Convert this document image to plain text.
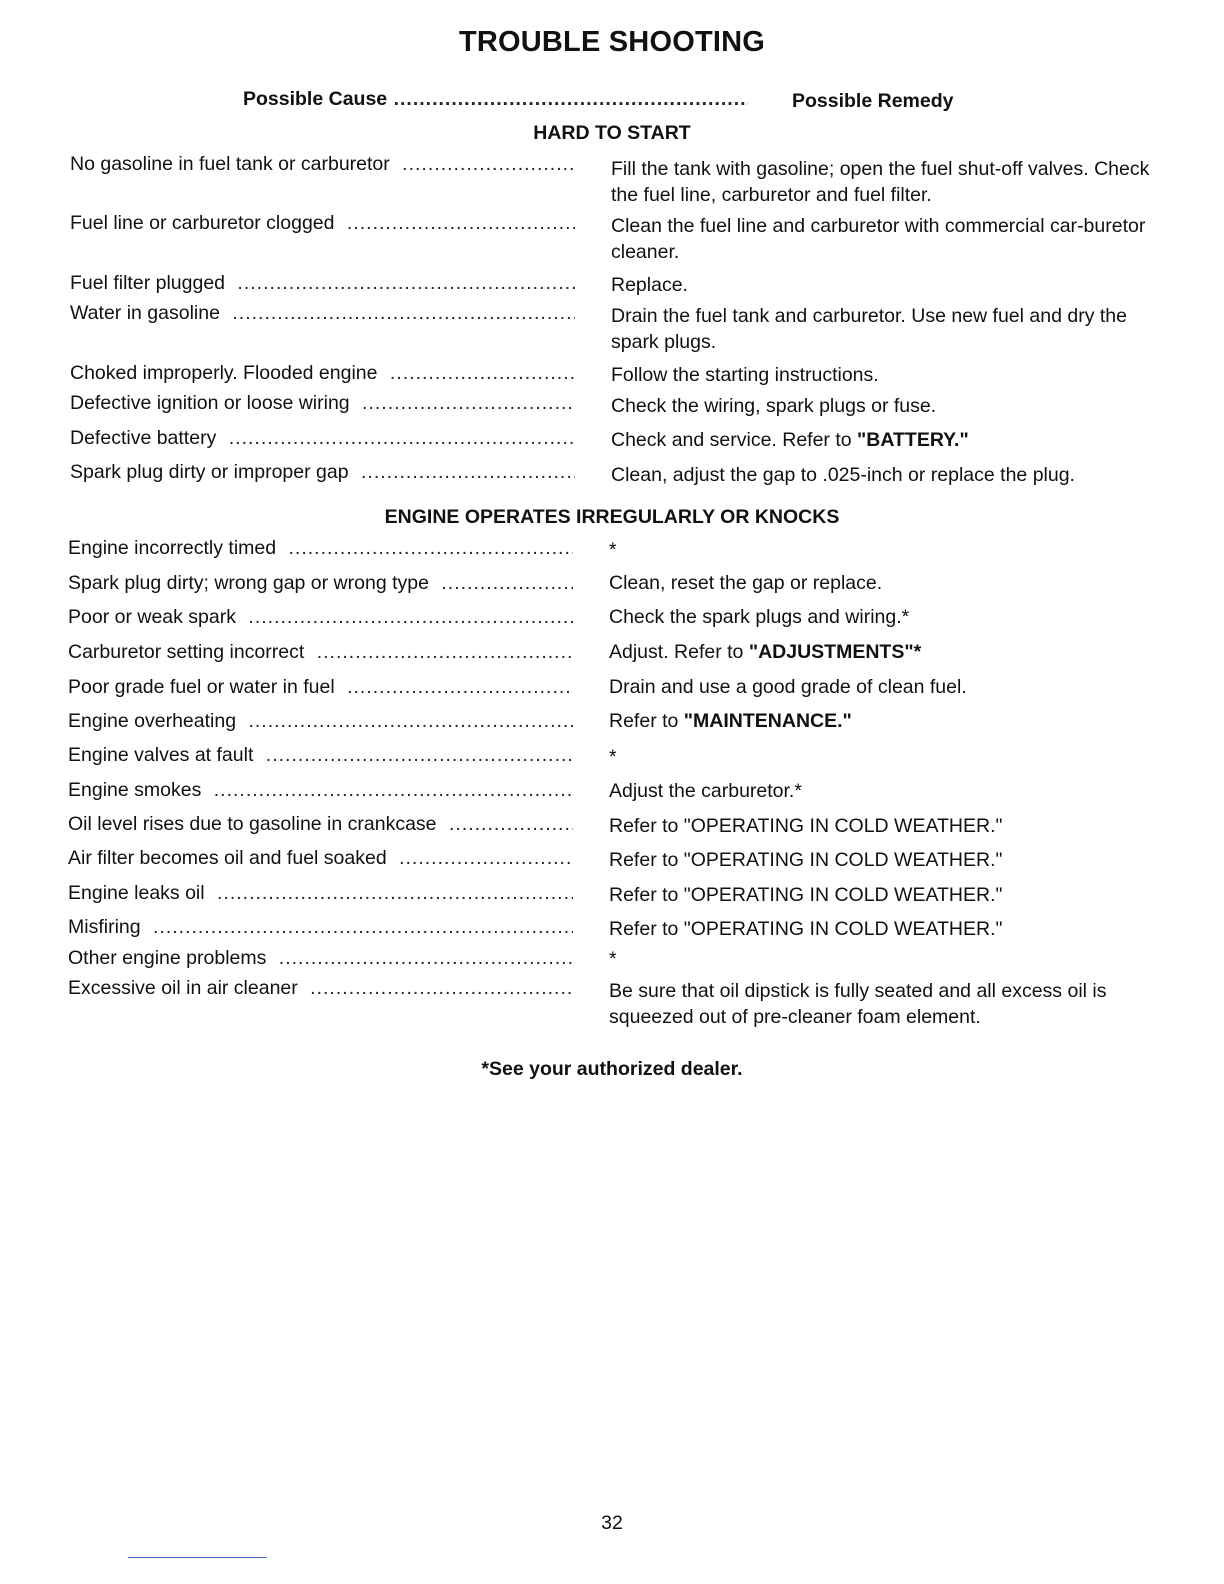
TROUBLE SHOOTING
Possible Cause .....	Possible Remedy
HARD TO START
No gasoline in fuel tank or carburetor .....	Fill the tank with gasoline; open the fuel shut-off valves. Check the fuel line, carburetor and fuel filter.
Fuel line or carburetor clogged .....	Clean the fuel line and carburetor with commercial car-buretor cleaner.
Fuel filter plugged .....	Replace.
Water in gasoline .....	Drain the fuel tank and carburetor. Use new fuel and dry the spark plugs.
Choked improperly. Flooded engine .....	Follow the starting instructions.
Defective ignition or loose wiring .....	Check the wiring, spark plugs or fuse.
Defective battery .....	Check and service. Refer to "BATTERY."
Spark plug dirty or improper gap .....	Clean, adjust the gap to .025-inch or replace the plug.
ENGINE OPERATES IRREGULARLY OR KNOCKS
Engine incorrectly timed .....	*
Spark plug dirty; wrong gap or wrong type .....	Clean, reset the gap or replace.
Poor or weak spark .....	Check the spark plugs and wiring.*
Carburetor setting incorrect .....	Adjust. Refer to "ADJUSTMENTS"*
Poor grade fuel or water in fuel .....	Drain and use a good grade of clean fuel.
Engine overheating .....	Refer to "MAINTENANCE."
Engine valves at fault .....	*
Engine smokes .....	Adjust the carburetor.*
Oil level rises due to gasoline in crankcase .....	Refer to "OPERATING IN COLD WEATHER."
Air filter becomes oil and fuel soaked .....	Refer to "OPERATING IN COLD WEATHER."
Engine leaks oil .....	Refer to "OPERATING IN COLD WEATHER."
Misfiring .....	Refer to "OPERATING IN COLD WEATHER."
Other engine problems .....	*
Excessive oil in air cleaner .....	Be sure that oil dipstick is fully seated and all excess oil is squeezed out of pre-cleaner foam element.
*See your authorized dealer.
32
